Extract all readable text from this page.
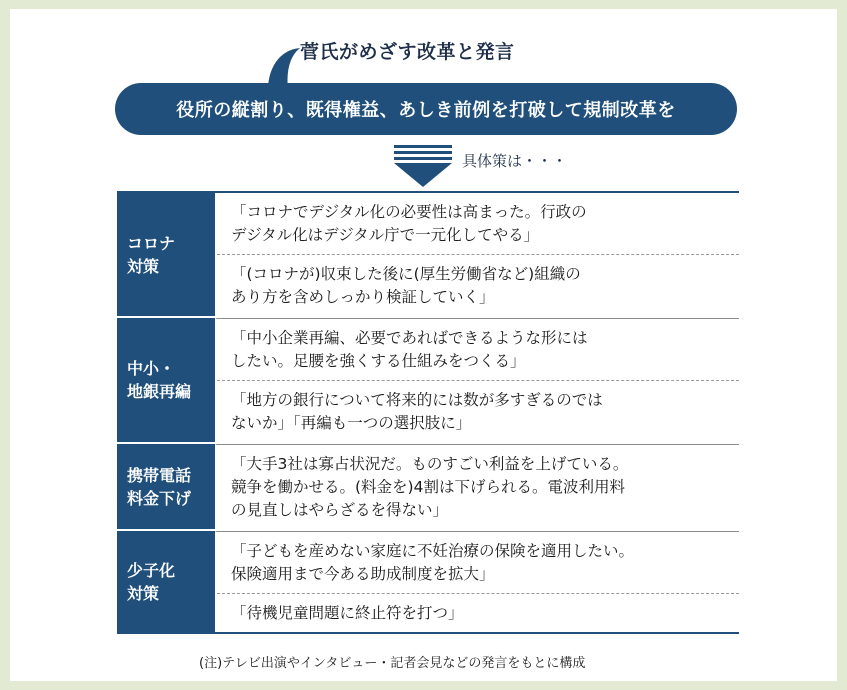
菅氏がめざす改革と発言
役所の縦割り、既得権益、あしき前例を打破して規制改革を
具体策は・・・
コロナ
対策
「コロナでデジタル化の必要性は高まった。行政の
デジタル化はデジタル庁で一元化してやる」
「(コロナが)収束した後に(厚生労働省など)組織の
あり方を含めしっかり検証していく」
中小・
地銀再編
「中小企業再編、必要であればできるような形には
したい。足腰を強くする仕組みをつくる」
「地方の銀行について将来的には数が多すぎるのでは
ないか」「再編も一つの選択肢に」
携帯電話
料金下げ
「大手3社は寡占状況だ。ものすごい利益を上げている。
競争を働かせる。(料金を)4割は下げられる。電波利用料
の見直しはやらざるを得ない」
少子化
対策
「子どもを産めない家庭に不妊治療の保険を適用したい。
保険適用まで今ある助成制度を拡大」
「待機児童問題に終止符を打つ」
(注)テレビ出演やインタビュー・記者会見などの発言をもとに構成
